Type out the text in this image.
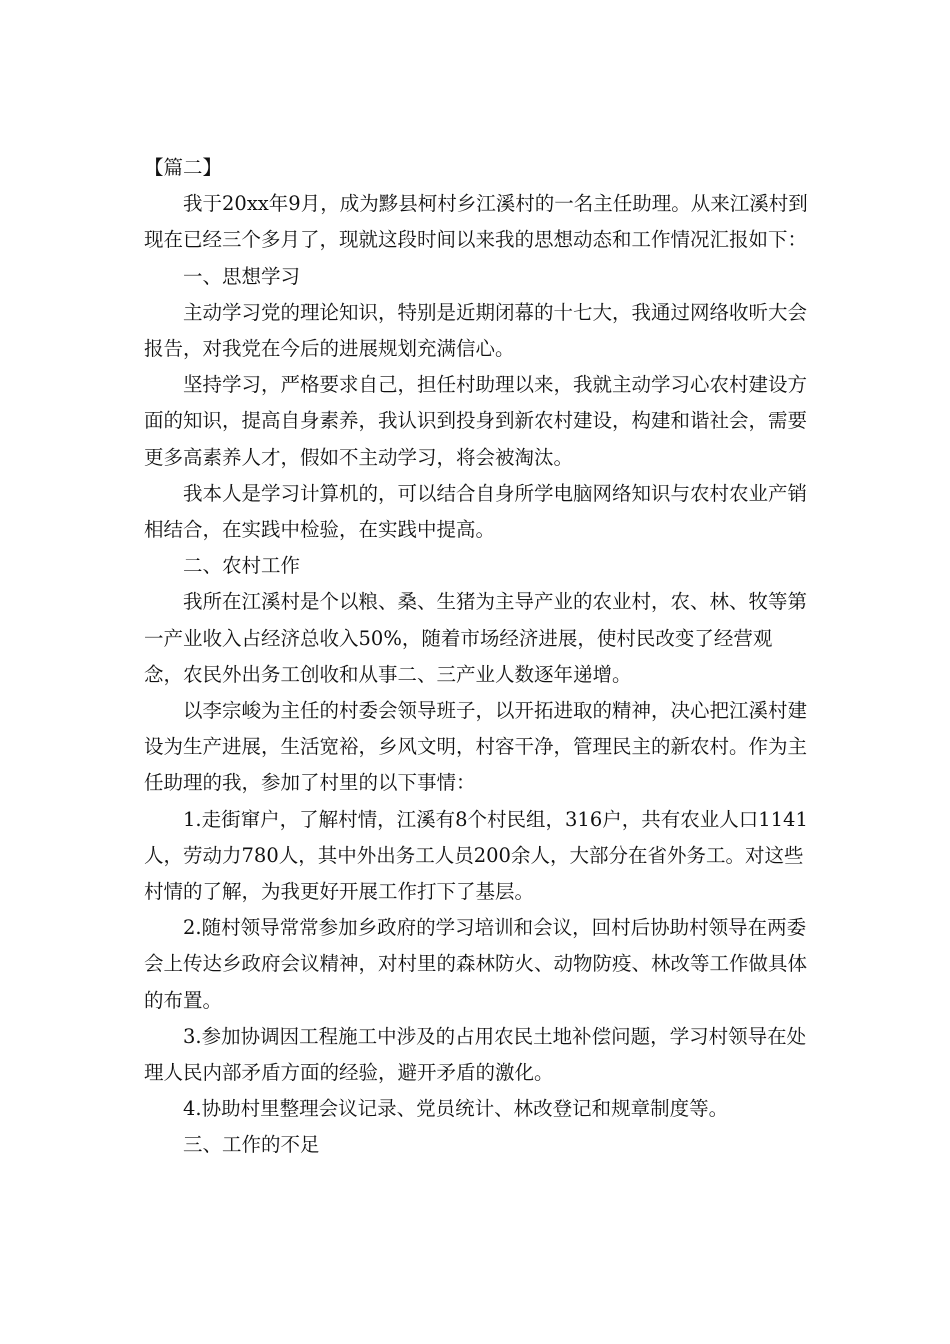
【篇二】

我于20xx年9月，成为黟县柯村乡江溪村的一名主任助理。从来江溪村到现在已经三个多月了，现就这段时间以来我的思想动态和工作情况汇报如下：

一、思想学习

主动学习党的理论知识，特别是近期闭幕的十七大，我通过网络收听大会报告，对我党在今后的进展规划充满信心。

坚持学习，严格要求自己，担任村助理以来，我就主动学习心农村建设方面的知识，提高自身素养，我认识到投身到新农村建设，构建和谐社会，需要更多高素养人才，假如不主动学习，将会被淘汰。

我本人是学习计算机的，可以结合自身所学电脑网络知识与农村农业产销相结合，在实践中检验，在实践中提高。

二、农村工作

我所在江溪村是个以粮、桑、生猪为主导产业的农业村，农、林、牧等第一产业收入占经济总收入50%，随着市场经济进展，使村民改变了经营观念，农民外出务工创收和从事二、三产业人数逐年递增。

以李宗峻为主任的村委会领导班子，以开拓进取的精神，决心把江溪村建设为生产进展，生活宽裕，乡风文明，村容干净，管理民主的新农村。作为主任助理的我，参加了村里的以下事情：

1.走街窜户，了解村情，江溪有8个村民组，316户，共有农业人口1141人，劳动力780人，其中外出务工人员200余人，大部分在省外务工。对这些村情的了解，为我更好开展工作打下了基层。

2.随村领导常常参加乡政府的学习培训和会议，回村后协助村领导在两委会上传达乡政府会议精神，对村里的森林防火、动物防疫、林改等工作做具体的布置。

3.参加协调因工程施工中涉及的占用农民土地补偿问题，学习村领导在处理人民内部矛盾方面的经验，避开矛盾的激化。

4.协助村里整理会议记录、党员统计、林改登记和规章制度等。

三、工作的不足
